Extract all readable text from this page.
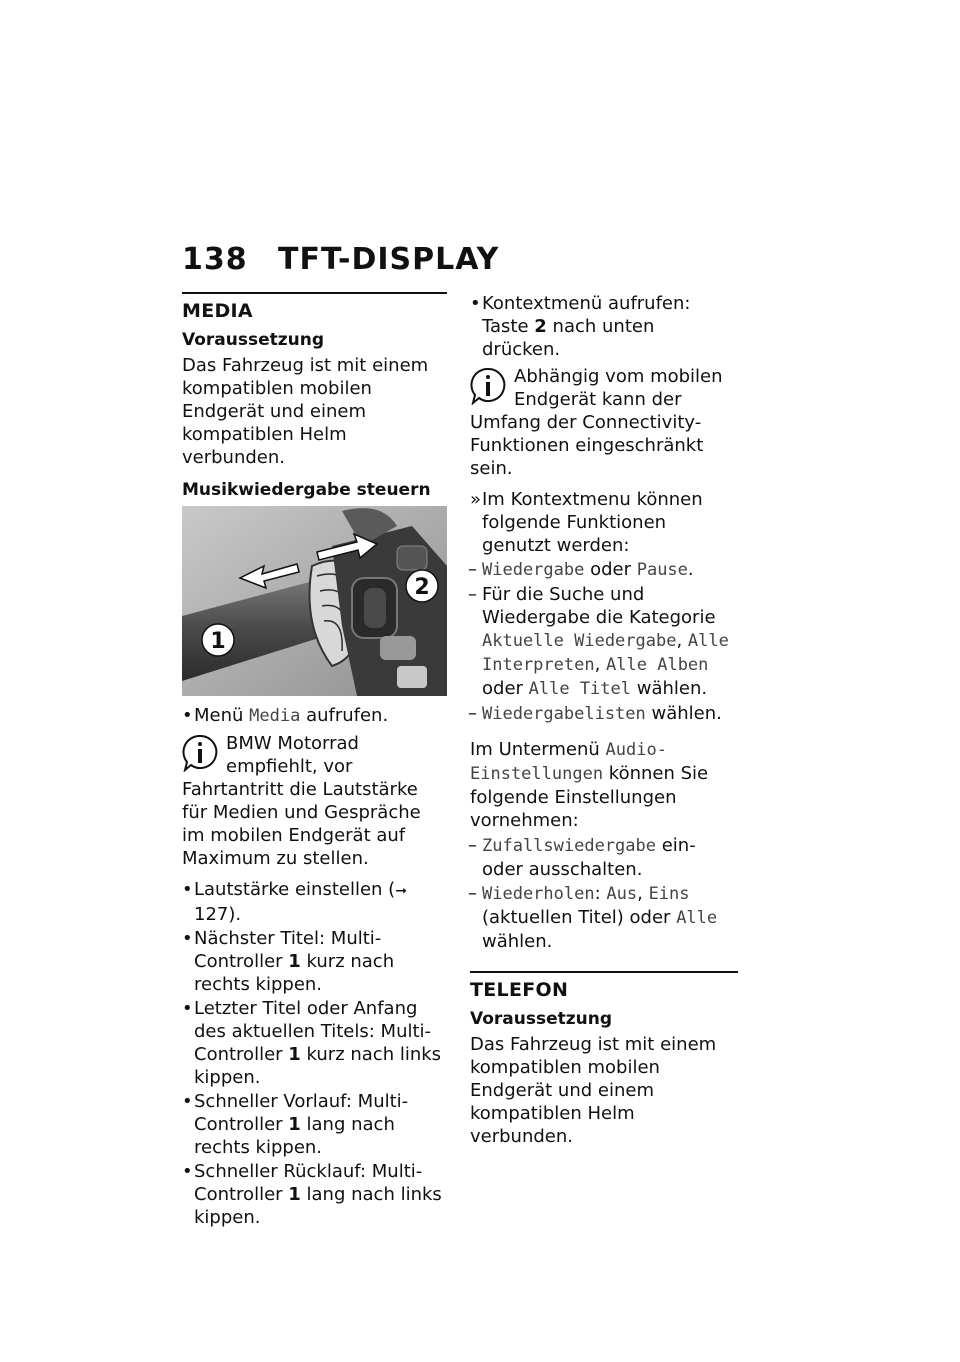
138 TFT-DISPLAY
MEDIA
Voraussetzung

Das Fahrzeug ist mit einem kompatiblen mobilen Endgerät und einem kompatiblen Helm verbunden.

Musikwiedergabe steuern
2
1
• Menü Media aufrufen.
BMW Motorrad empfiehlt, vor Fahrtantritt die Lautstärke für Medien und Gespräche im mobilen Endgerät auf Maximum zu stellen.
• Lautstärke einstellen (➞ 127).
• Nächster Titel: Multi-Controller 1 kurz nach rechts kippen.
• Letzter Titel oder Anfang des aktuellen Titels: Multi-Controller 1 kurz nach links kippen.
• Schneller Vorlauf: Multi-Controller 1 lang nach rechts kippen.
• Schneller Rücklauf: Multi-Controller 1 lang nach links kippen.
• Kontextmenü aufrufen: Taste 2 nach unten drücken.
Abhängig vom mobilen Endgerät kann der Umfang der Connectivity-Funktionen eingeschränkt sein.
» Im Kontextmenu können folgende Funktionen genutzt werden:
– Wiedergabe oder Pause.
– Für die Suche und Wiedergabe die Kategorie Aktuelle Wiedergabe, Alle Interpreten, Alle Alben oder Alle Titel wählen.
– Wiedergabelisten wählen.

Im Untermenü Audio-Einstellungen können Sie folgende Einstellungen vornehmen:

– Zufallswiedergabe ein- oder ausschalten.
– Wiederholen: Aus, Eins (aktuellen Titel) oder Alle wählen.
TELEFON
Voraussetzung

Das Fahrzeug ist mit einem kompatiblen mobilen Endgerät und einem kompatiblen Helm verbunden.
